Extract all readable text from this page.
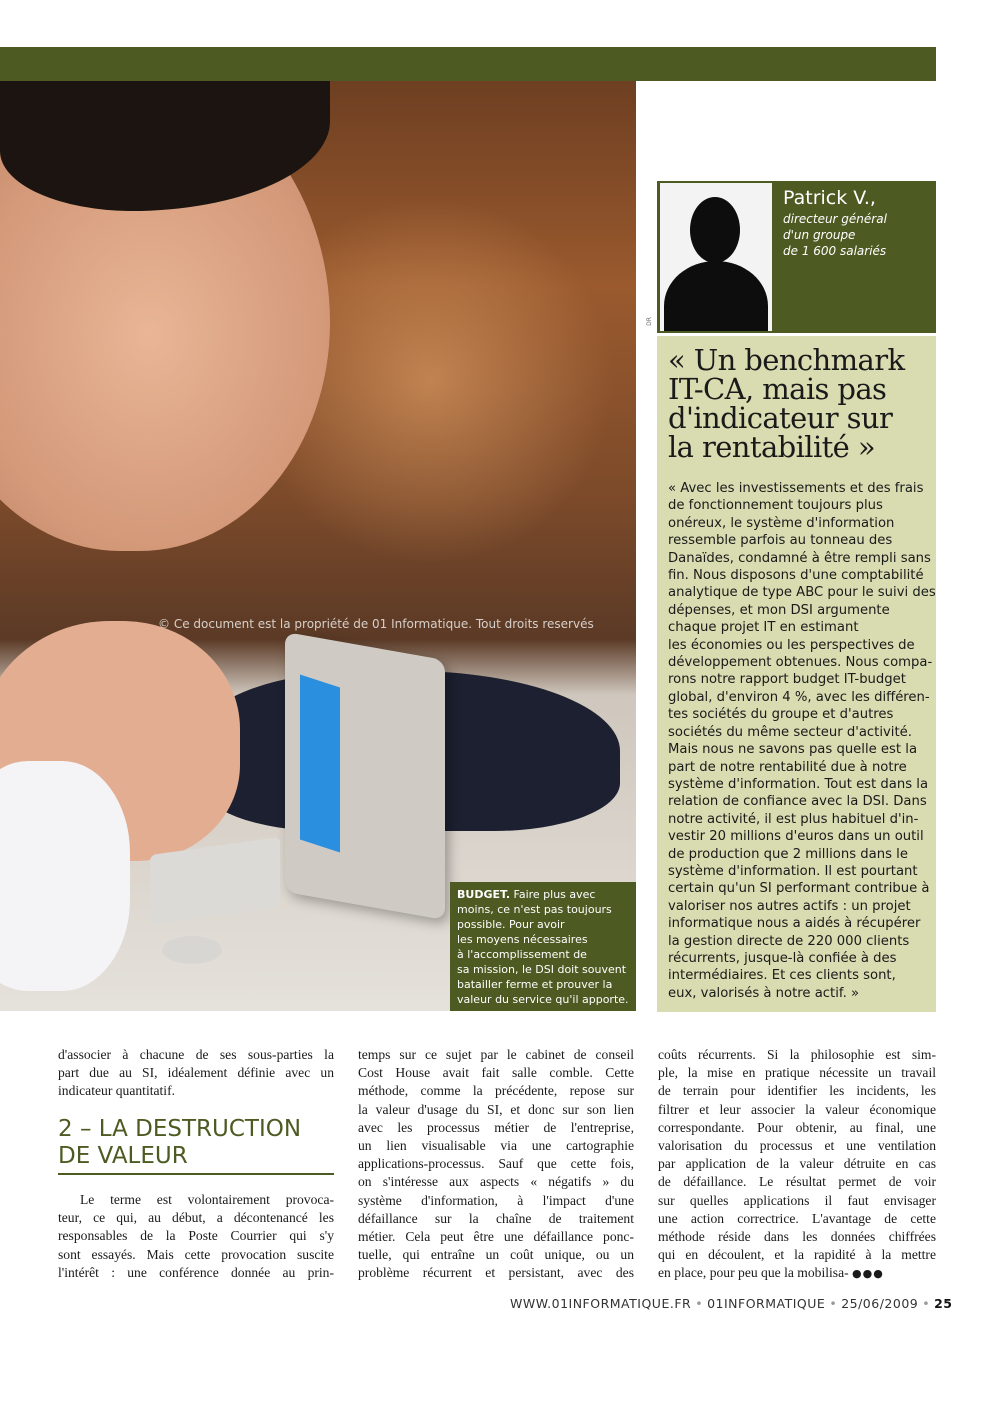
© Ce document est la propriété de 01 Informatique. Tout droits reservés
BUDGET. Faire plus avec
moins, ce n'est pas toujours
possible. Pour avoir
les moyens nécessaires
à l'accomplissement de
sa mission, le DSI doit souvent
batailler ferme et prouver la
valeur du service qu'il apporte.
DR
Patrick V.,
directeur général
d'un groupe
de 1 600 salariés
« Un benchmark
IT-CA, mais pas
d'indicateur sur
la rentabilité »
« Avec les investissements et des frais
de fonctionnement toujours plus
onéreux, le système d'information
ressemble parfois au tonneau des
Danaïdes, condamné à être rempli sans
fin. Nous disposons d'une comptabilité
analytique de type ABC pour le suivi des
dépenses, et mon DSI argumente
chaque projet IT en estimant
les économies ou les perspectives de
développement obtenues. Nous compa-
rons notre rapport budget IT-budget
global, d'environ 4 %, avec les différen-
tes sociétés du groupe et d'autres
sociétés du même secteur d'activité.
Mais nous ne savons pas quelle est la
part de notre rentabilité due à notre
système d'information. Tout est dans la
relation de confiance avec la DSI. Dans
notre activité, il est plus habituel d'in-
vestir 20 millions d'euros dans un outil
de production que 2 millions dans le
système d'information. Il est pourtant
certain qu'un SI performant contribue à
valoriser nos autres actifs : un projet
informatique nous a aidés à récupérer
la gestion directe de 220 000 clients
récurrents, jusque-là confiée à des
intermédiaires. Et ces clients sont,
eux, valorisés à notre actif. »
d'associer à chacune de ses sous-parties la
part due au SI, idéalement définie avec un
indicateur quantitatif.
2 – LA DESTRUCTION
DE VALEUR
Le terme est volontairement provoca-
teur, ce qui, au début, a décontenancé les
responsables de la Poste Courrier qui s'y
sont essayés. Mais cette provocation suscite
l'intérêt : une conférence donnée au prin-
temps sur ce sujet par le cabinet de conseil
Cost House avait fait salle comble. Cette
méthode, comme la précédente, repose sur
la valeur d'usage du SI, et donc sur son lien
avec les processus métier de l'entreprise,
un lien visualisable via une cartographie
applications-processus. Sauf que cette fois,
on s'intéresse aux aspects « négatifs » du
système d'information, à l'impact d'une
défaillance sur la chaîne de traitement
métier. Cela peut être une défaillance ponc-
tuelle, qui entraîne un coût unique, ou un
problème récurrent et persistant, avec des
coûts récurrents. Si la philosophie est sim-
ple, la mise en pratique nécessite un travail
de terrain pour identifier les incidents, les
filtrer et leur associer la valeur économique
correspondante. Pour obtenir, au final, une
valorisation du processus et une ventilation
par application de la valeur détruite en cas
de défaillance. Le résultat permet de voir
sur quelles applications il faut envisager
une action correctrice. L'avantage de cette
méthode réside dans les données chiffrées
qui en découlent, et la rapidité à la mettre
en place, pour peu que la mobilisa- ●●●
WWW.01INFORMATIQUE.FR • 01INFORMATIQUE • 25/06/2009 • 25
